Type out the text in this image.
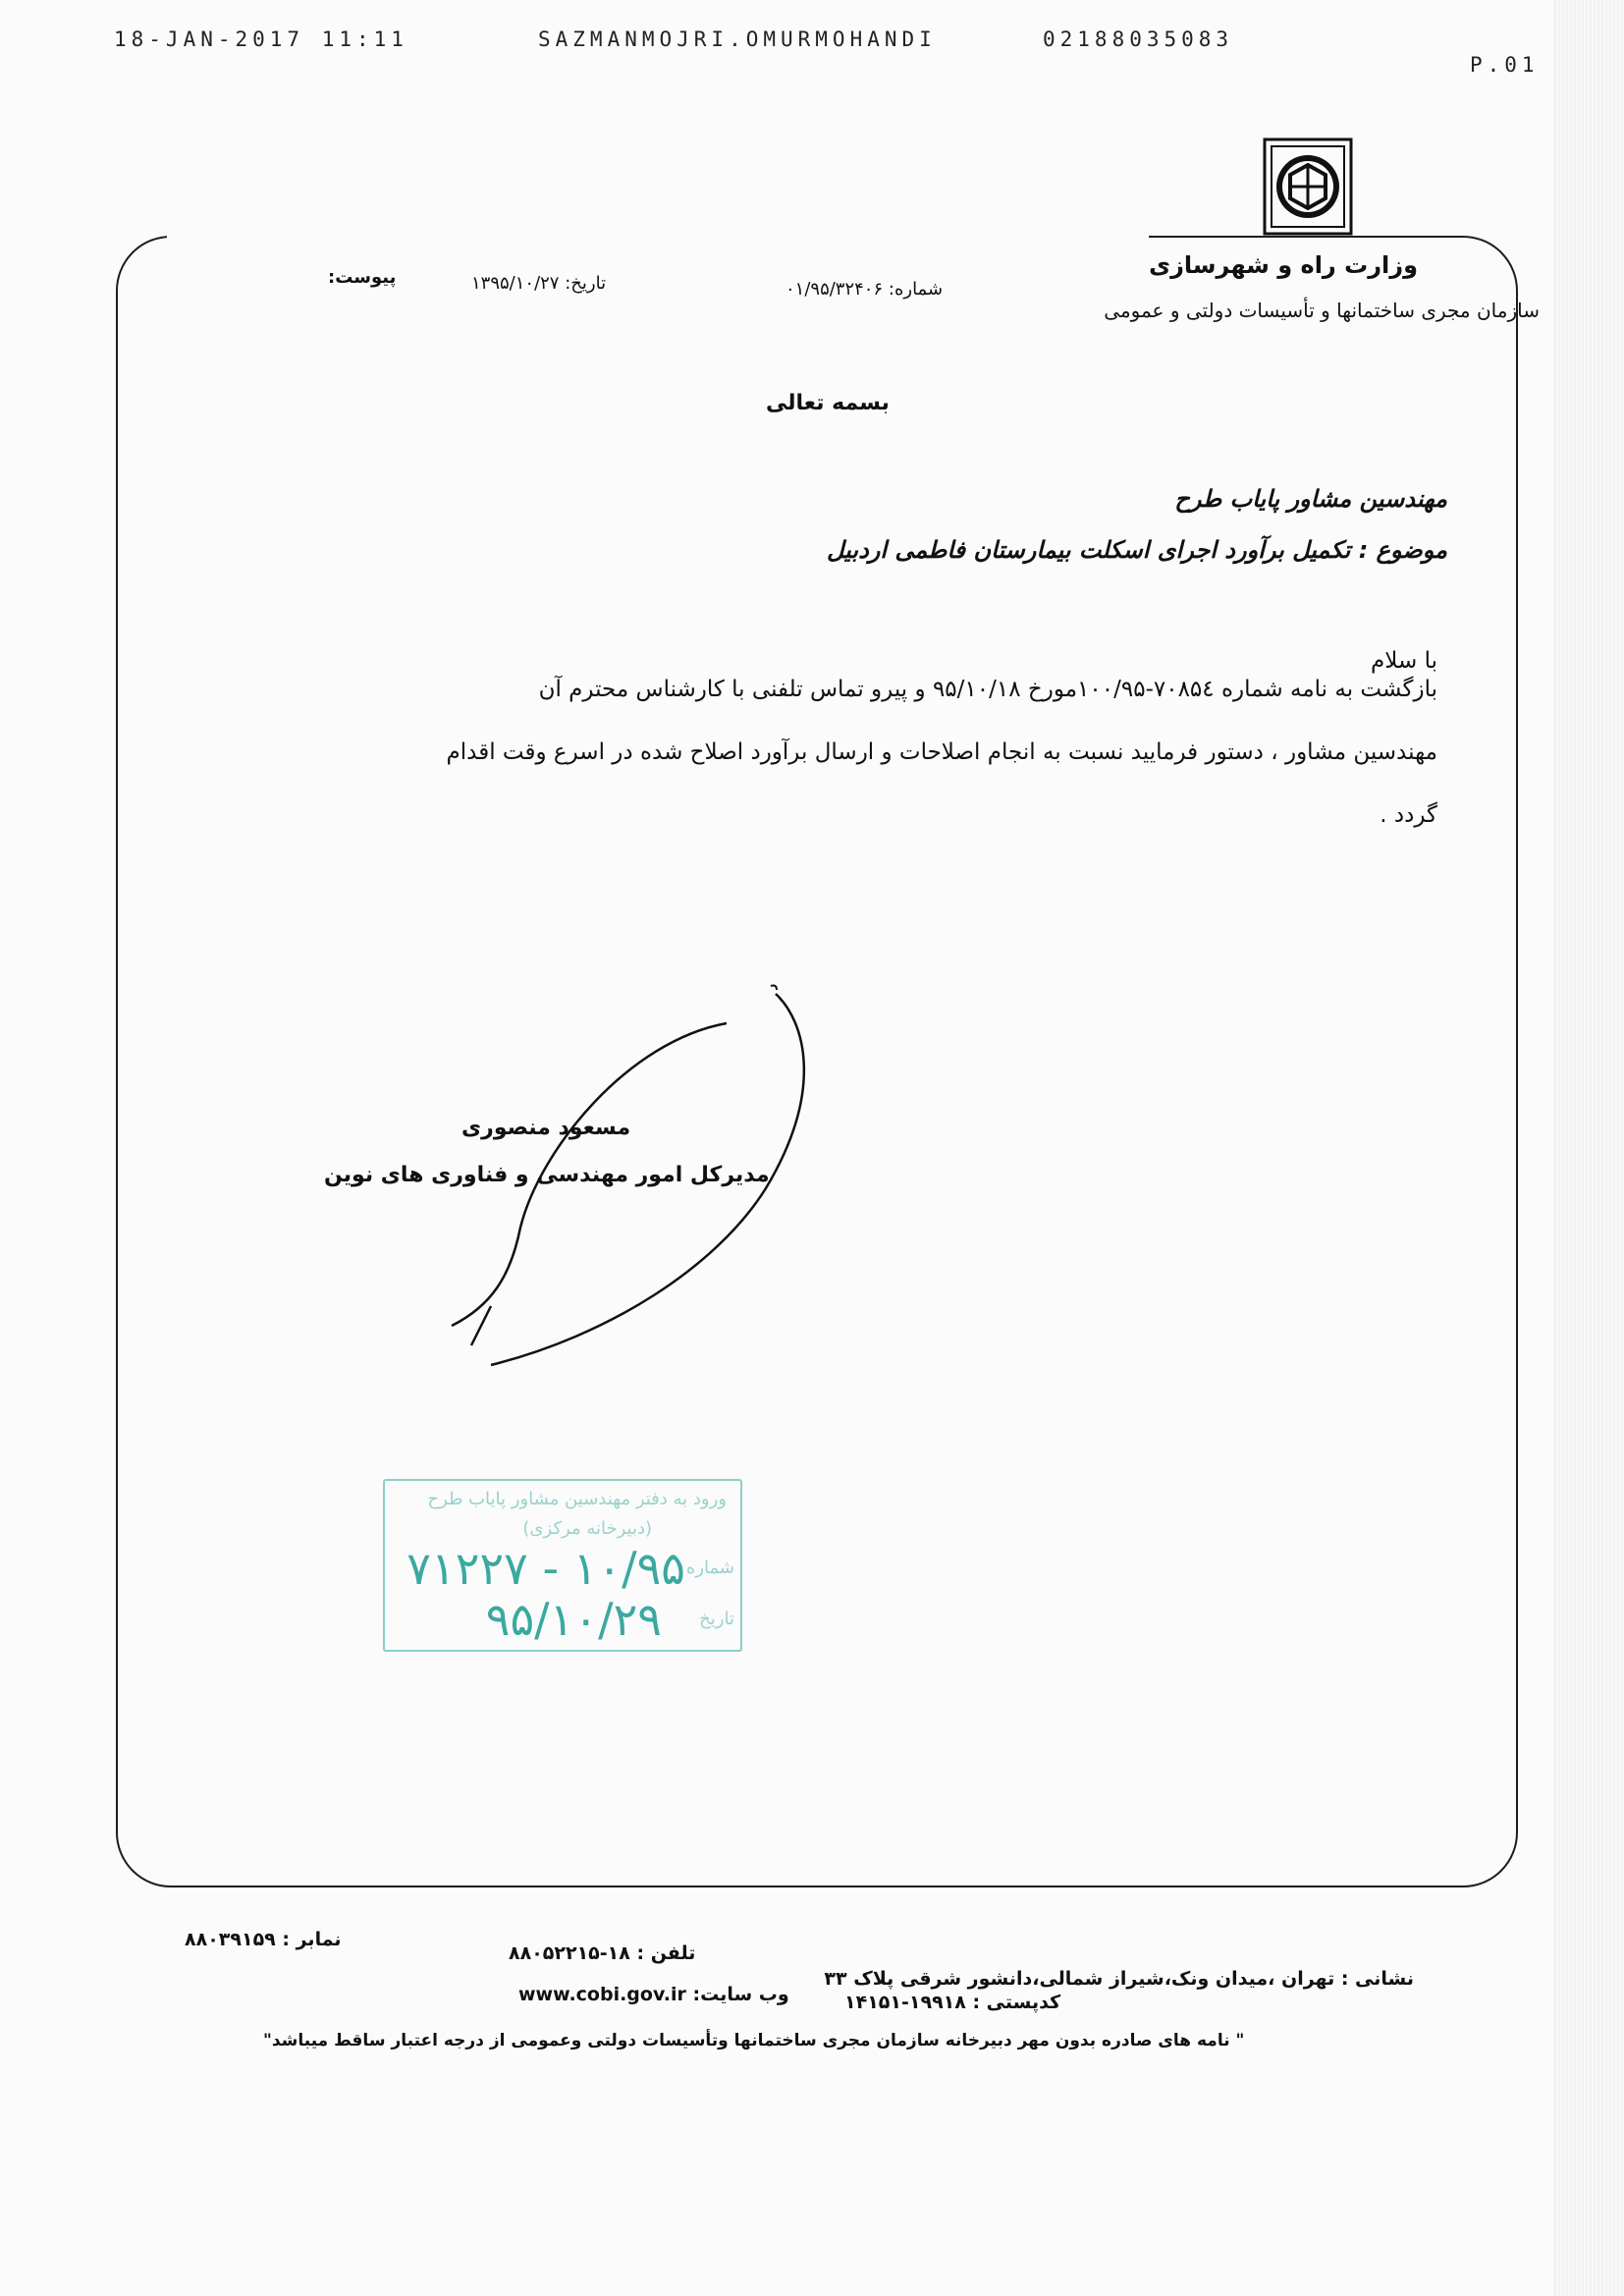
18-JAN-2017 11:11	SAZMANMOJRI.OMURMOHANDI	02188035083
P.01
وزارت راه و شهرسازی
سازمان مجری ساختمانها و تأسیسات دولتی و عمومی
پیوست:	تاریخ: ۱۳۹۵/۱۰/۲۷	شماره: ۰۱/۹۵/۳۲۴۰۶
بسمه تعالی
مهندسین مشاور پایاب طرح
موضوع : تکمیل برآورد اجرای اسکلت بیمارستان فاطمی اردبیل
با سلام
بازگشت به نامه شماره ۷۰۸۵٤-۱۰۰/۹۵مورخ ۹۵/۱۰/۱۸ و پیرو تماس تلفنی با کارشناس محترم آن
مهندسین مشاور ، دستور فرمایید نسبت به انجام اصلاحات و ارسال برآورد اصلاح شده در اسرع وقت اقدام
گردد .
مسعود منصوری
مدیرکل امور مهندسی و فناوری های نوین
ورود به دفتر مهندسین مشاور پایاب طرح
(دبیرخانه مرکزی)
شماره
۱۰/۹۵ - ۷۱۲۲۷
تاریخ
۹۵/۱۰/۲۹
نمابر : ۸۸۰۳۹۱۵۹
تلفن : ۱۸-۸۸۰۵۲۲۱۵
نشانی : تهران ،میدان ونک،شیراز شمالی،دانشور شرقی پلاک ۳۳
وب سایت: www.cobi.gov.ir	کدپستی : ۱۹۹۱۸-۱۴۱۵۱
" نامه های صادره بدون مهر دبیرخانه سازمان مجری ساختمانها وتأسیسات دولتی وعمومی از درجه اعتبار ساقط میباشد"
